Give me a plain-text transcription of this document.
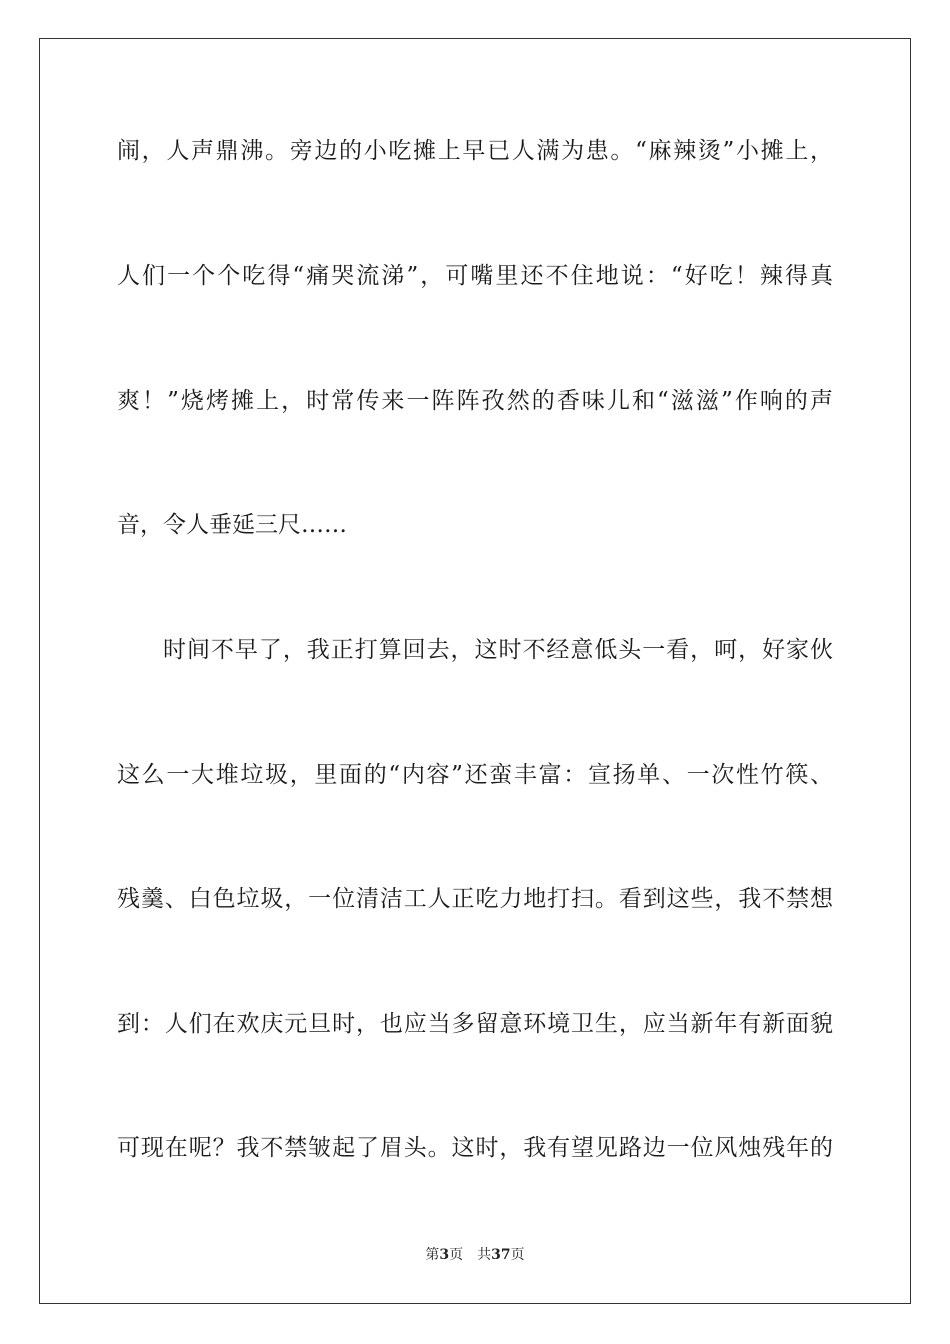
闹，人声鼎沸。旁边的小吃摊上早已人满为患。“麻辣烫”小摊上，
人们一个个吃得“痛哭流涕”，可嘴里还不住地说：“好吃！辣得真
爽！”烧烤摊上，时常传来一阵阵孜然的香味儿和“滋滋”作响的声
音，令人垂延三尺……
时间不早了，我正打算回去，这时不经意低头一看，呵，好家伙
这么一大堆垃圾，里面的“内容”还蛮丰富：宣扬单、一次性竹筷、
残羹、白色垃圾，一位清洁工人正吃力地打扫。看到这些，我不禁想
到：人们在欢庆元旦时，也应当多留意环境卫生，应当新年有新面貌
可现在呢？我不禁皱起了眉头。这时，我有望见路边一位风烛残年的
第3页 共37页
